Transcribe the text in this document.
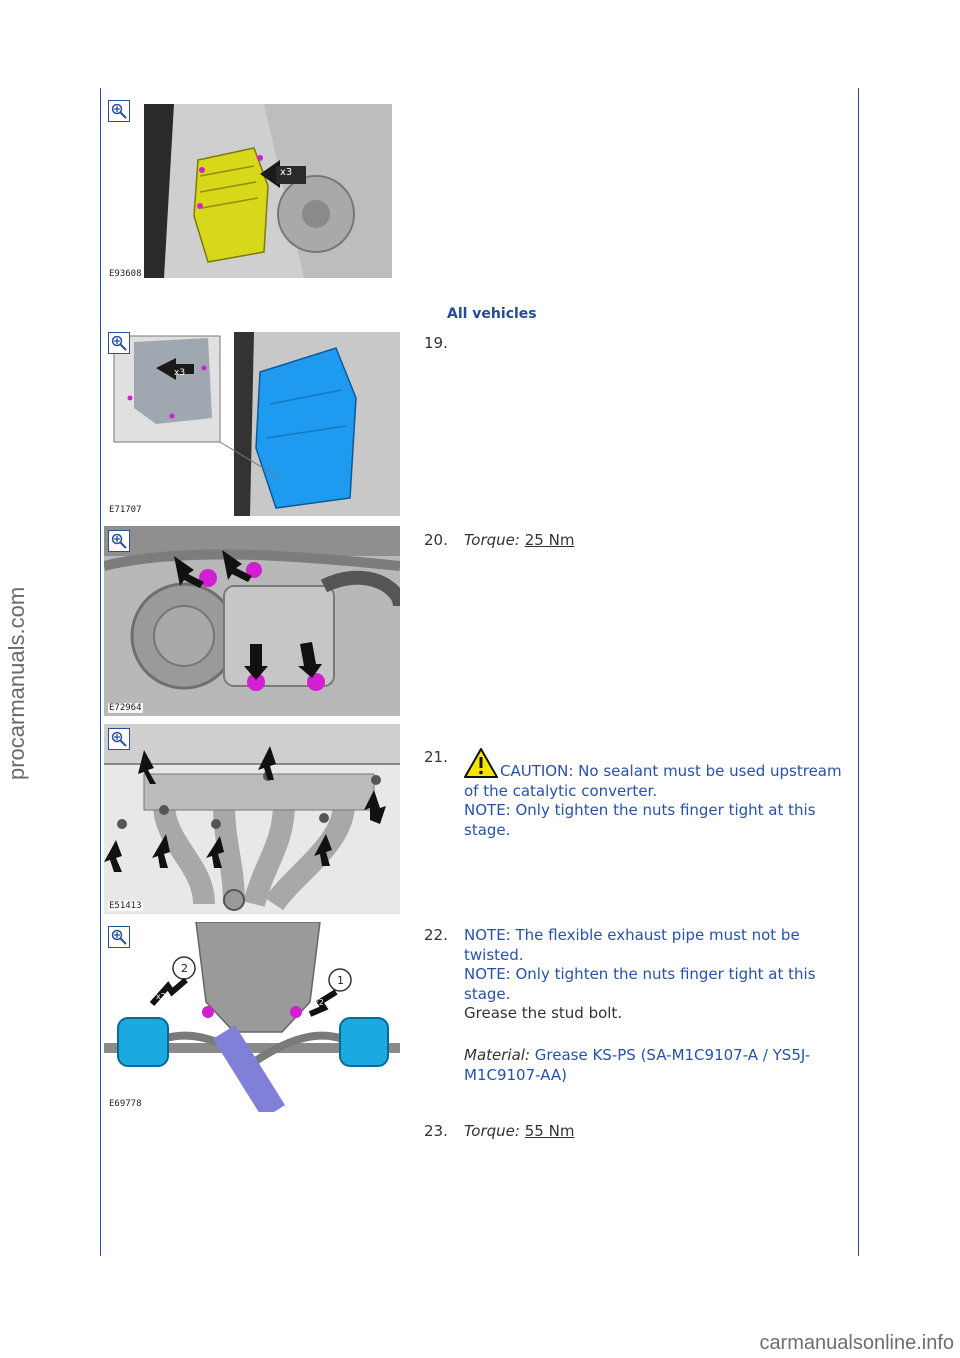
procarmanuals.com
carmanualsonline.info
x3
E93608
All vehicles
x3
E71707
E72964
E51413
2
1
x2
x2
E69778
19.
20. Torque: 25 Nm
21.
CAUTION: No sealant must be used upstream of the catalytic converter.
NOTE: Only tighten the nuts finger tight at this stage.
22. NOTE: The flexible exhaust pipe must not be twisted.
NOTE: Only tighten the nuts finger tight at this stage.
Grease the stud bolt.
Material: Grease KS-PS (SA-M1C9107-A / YS5J-M1C9107-AA)
23. Torque: 55 Nm
